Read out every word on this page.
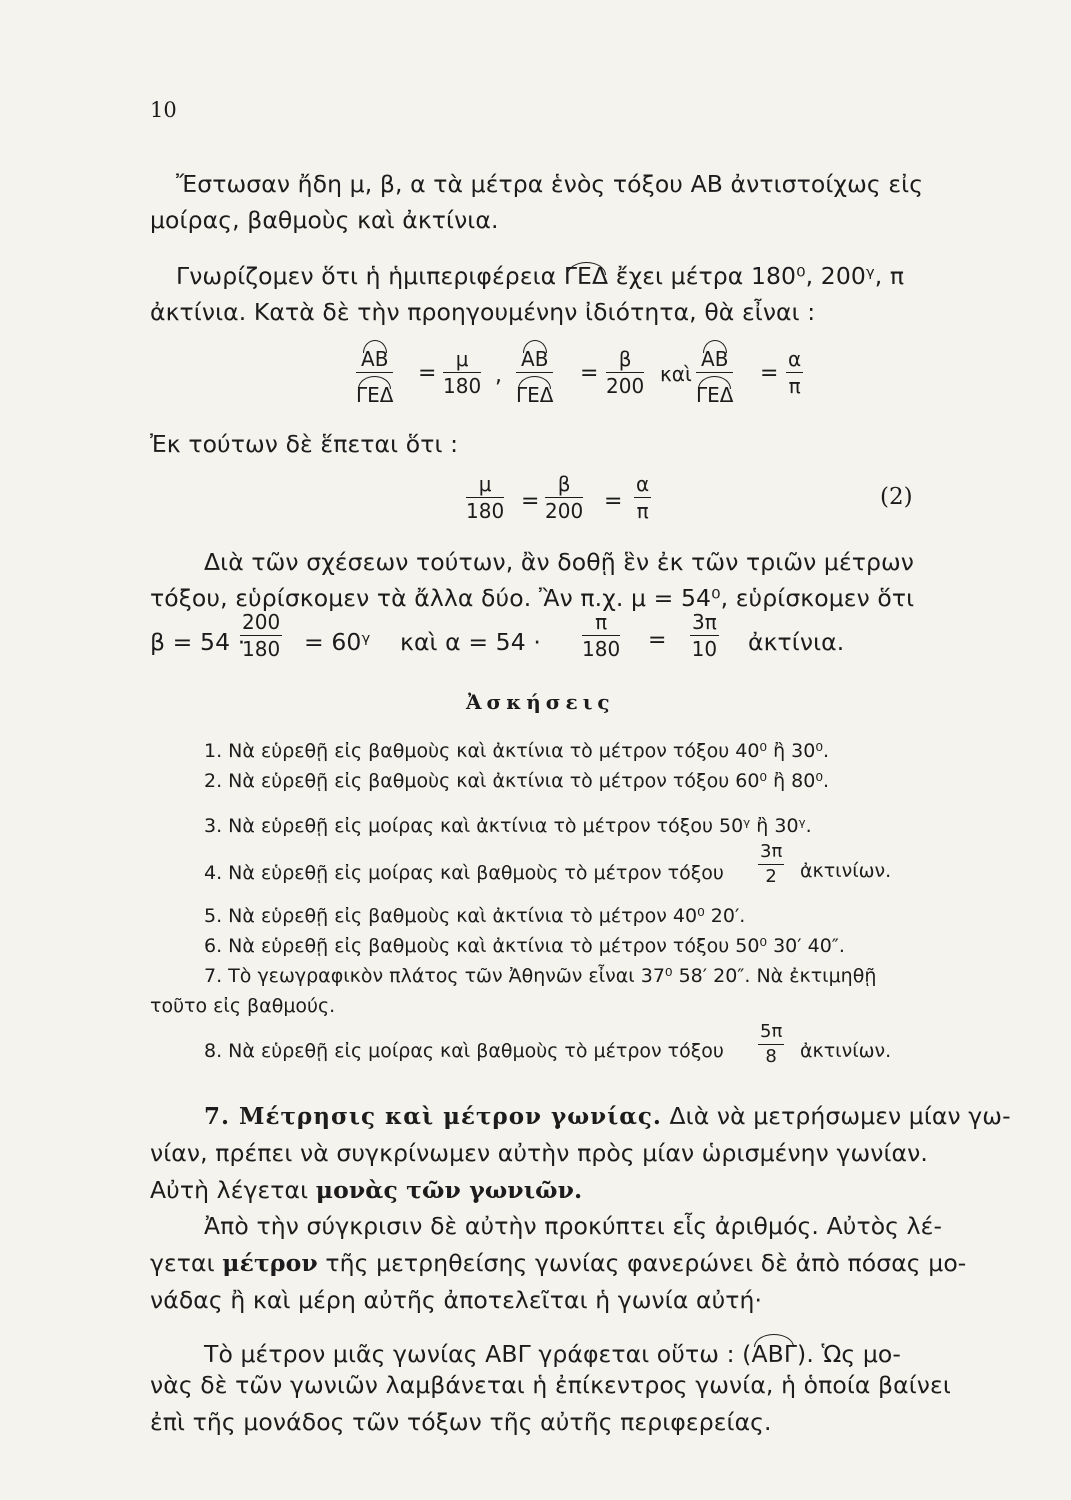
10
Ἔστωσαν ἤδη μ, β, α τὰ μέτρα ἑνὸς τόξου ΑΒ ἀντιστοίχως εἰς
μοίρας, βαθμοὺς καὶ ἀκτίνια.
Γνωρίζομεν ὅτι ἡ ἡμιπεριφέρεια ΓΕΔ ἔχει μέτρα 180⁰, 200ᵞ, π
ἀκτίνια. Κατὰ δὲ τὴν προηγουμένην ἰδιότητα, θὰ εἶναι :
ΑΒ
ΓΕΔ
= $\frac{\mu}{180}$ ,
ΑΒ
ΓΕΔ
= $\frac{\beta}{200}$ καὶ
ΑΒ
ΓΕΔ
= $\frac{\alpha}{\pi}$
Ἐκ τούτων δὲ ἕπεται ὅτι :
$\frac{\mu}{180} = \frac{\beta}{200} = \frac{\alpha}{\pi}$	(2)
Διὰ τῶν σχέσεων τούτων, ἂν δοθῇ ἓν ἐκ τῶν τριῶν μέτρων
τόξου, εὑρίσκομεν τὰ ἄλλα δύο. Ἂν π.χ. μ = 54⁰, εὑρίσκομεν ὅτι
β = 54 ·
$\frac{200}{180}$ = 60ᵞ καὶ $\alpha = 54 \cdot \frac{\pi}{180} = \frac{3\pi}{10}$ ἀκτίνια.
Ἀσκήσεις
1. Νὰ εὑρεθῇ εἰς βαθμοὺς καὶ ἀκτίνια τὸ μέτρον τόξου 40⁰ ἢ 30⁰.
2. Νὰ εὑρεθῇ εἰς βαθμοὺς καὶ ἀκτίνια τὸ μέτρον τόξου 60⁰ ἢ 80⁰.
3. Νὰ εὑρεθῇ εἰς μοίρας καὶ ἀκτίνια τὸ μέτρον τόξου 50ᵞ ἢ 30ᵞ.
4. Νὰ εὑρεθῇ εἰς μοίρας καὶ βαθμοὺς τὸ μέτρον τόξου $\frac{3\pi}{2}$ ἀκτινίων.
5. Νὰ εὑρεθῇ εἰς βαθμοὺς καὶ ἀκτίνια τὸ μέτρον 40⁰ 20′.
6. Νὰ εὑρεθῇ εἰς βαθμοὺς καὶ ἀκτίνια τὸ μέτρον τόξου 50⁰ 30′ 40″.
7. Τὸ γεωγραφικὸν πλάτος τῶν Ἀθηνῶν εἶναι 37⁰ 58′ 20″. Νὰ ἐκτιμηθῇ
τοῦτο εἰς βαθμούς.
8. Νὰ εὑρεθῇ εἰς μοίρας καὶ βαθμοὺς τὸ μέτρον τόξου $\frac{5\pi}{8}$ ἀκτινίων.
7. Μέτρησις καὶ μέτρον γωνίας. Διὰ νὰ μετρήσωμεν μίαν γω-
νίαν, πρέπει νὰ συγκρίνωμεν αὐτὴν πρὸς μίαν ὡρισμένην γωνίαν.
Αὐτὴ λέγεται μονὰς τῶν γωνιῶν.
Ἀπὸ τὴν σύγκρισιν δὲ αὐτὴν προκύπτει εἷς ἀριθμός. Αὐτὸς λέ-
γεται μέτρον τῆς μετρηθείσης γωνίας φανερώνει δὲ ἀπὸ πόσας μο-
νάδας ἢ καὶ μέρη αὐτῆς ἀποτελεῖται ἡ γωνία αὐτή·
Τὸ μέτρον μιᾶς γωνίας ΑΒΓ γράφεται οὕτω : (ΑΒΓ). Ὡς μο-
νὰς δὲ τῶν γωνιῶν λαμβάνεται ἡ ἐπίκεντρος γωνία, ἡ ὁποία βαίνει
ἐπὶ τῆς μονάδος τῶν τόξων τῆς αὐτῆς περιφερείας.
